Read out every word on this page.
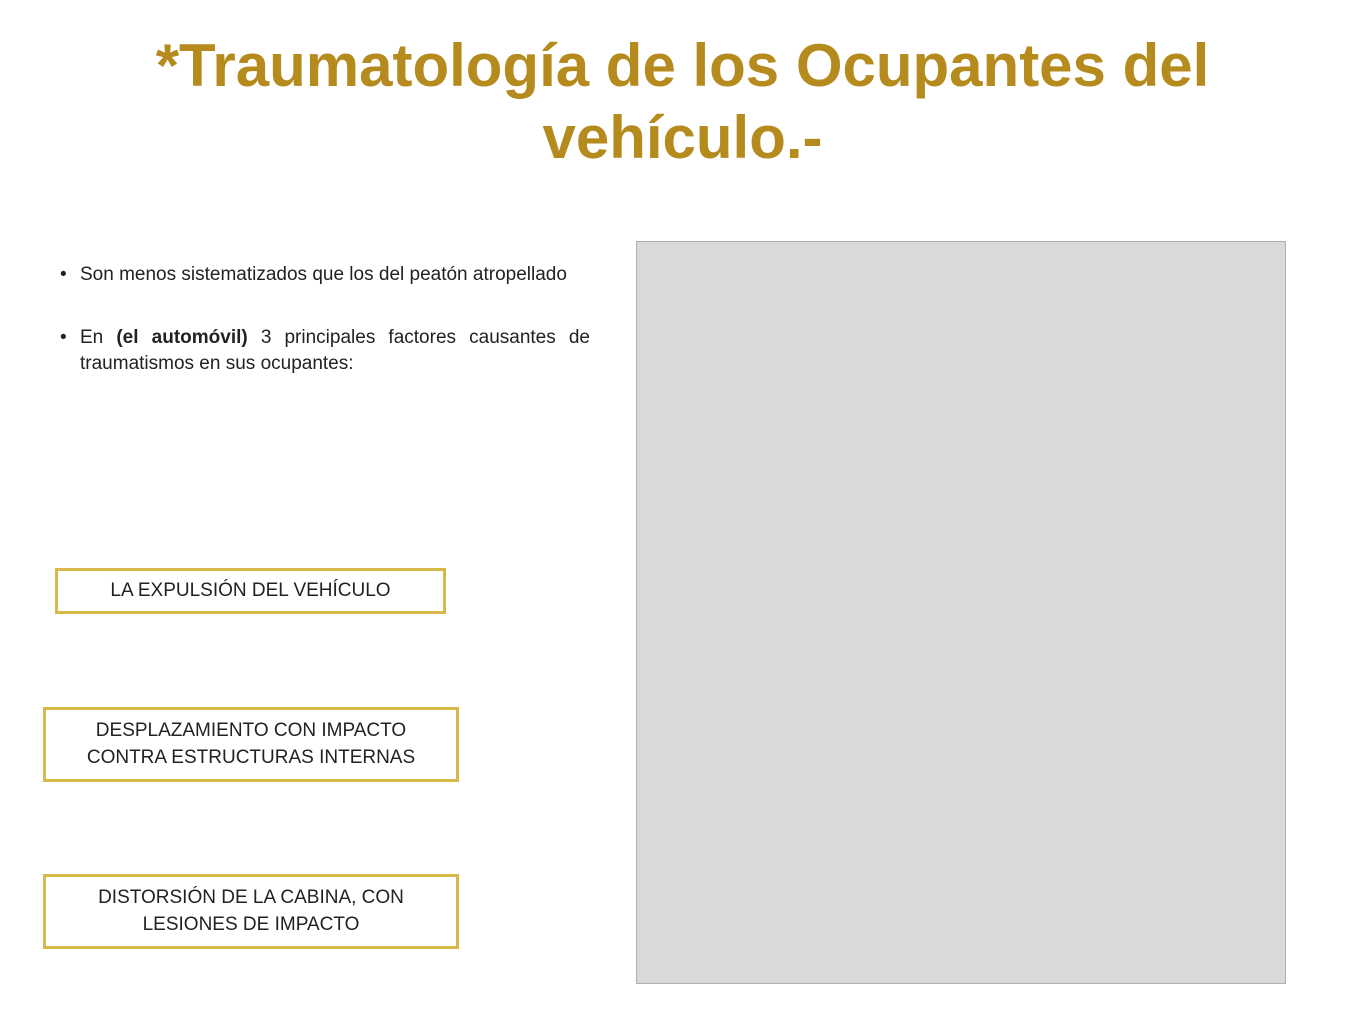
*Traumatología de los Ocupantes del vehículo.-
• Son menos sistematizados que los del peatón atropellado
• En (el automóvil) 3 principales factores causantes de traumatismos en sus ocupantes:
LA EXPULSIÓN DEL VEHÍCULO
DESPLAZAMIENTO CON IMPACTO CONTRA ESTRUCTURAS INTERNAS
DISTORSIÓN DE LA CABINA, CON LESIONES DE IMPACTO
